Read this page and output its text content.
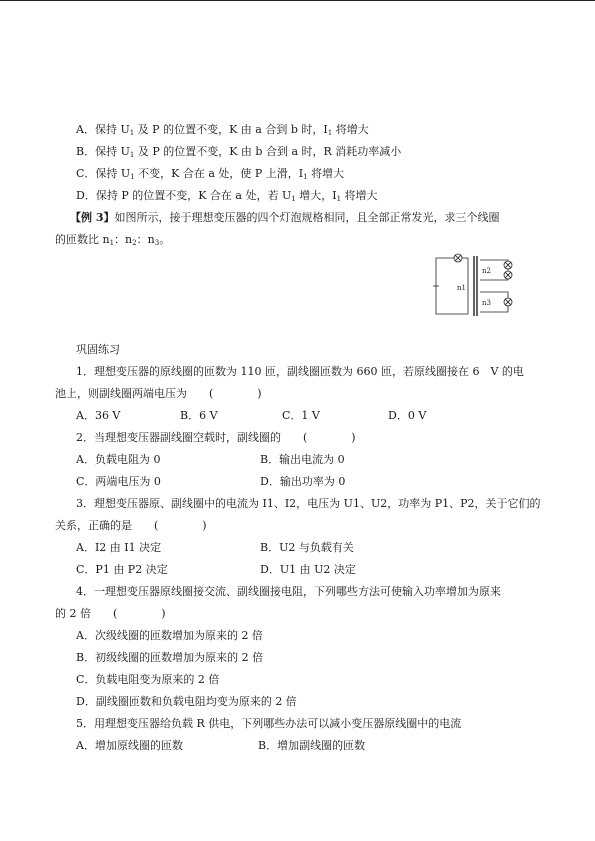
A．保持 $U_1$ 及 P 的位置不变，K 由 a 合到 b 时，$I_1$ 将增大
B．保持 $U_1$ 及 P 的位置不变，K 由 b 合到 a 时，R 消耗功率减小
C．保持 $U_1$ 不变，K 合在 a 处，使 P 上滑，$I_1$ 将增大
D．保持 P 的位置不变，K 合在 a 处，若 $U_1$ 增大，$I_1$ 将增大
【例 3】如图所示，接于理想变压器的四个灯泡规格相同，且全部正常发光，求三个线圈
的匝数比 $n_1$：$n_2$：$n_3$。
n1
n2
n3
巩固练习
1．理想变压器的原线圈的匝数为 110 匝，副线圈匝数为 660 匝，若原线圈接在 6　V 的电
池上，则副线圈两端电压为　　(　　　　)
A．36 V	B．6 V	C．1 V	D．0 V
2．当理想变压器副线圈空载时，副线圈的　　(　　　　)
A．负载电阻为 0	B．输出电流为 0
C．两端电压为 0	D．输出功率为 0
3．理想变压器原、副线圈中的电流为 I1、I2，电压为 U1、U2，功率为 P1、P2，关于它们的
关系，正确的是　　(　　　　)
A．I2 由 I1 决定	B．U2 与负载有关
C．P1 由 P2 决定	D．U1 由 U2 决定
4．一理想变压器原线圈接交流、副线圈接电阻，下列哪些方法可使输入功率增加为原来
的 2 倍　　(　　　　)
A．次级线圈的匝数增加为原来的 2 倍
B．初级线圈的匝数增加为原来的 2 倍
C．负载电阻变为原来的 2 倍
D．副线圈匝数和负载电阻均变为原来的 2 倍
5．用理想变压器给负载 R 供电，下列哪些办法可以减小变压器原线圈中的电流
A．增加原线圈的匝数	B．增加副线圈的匝数
